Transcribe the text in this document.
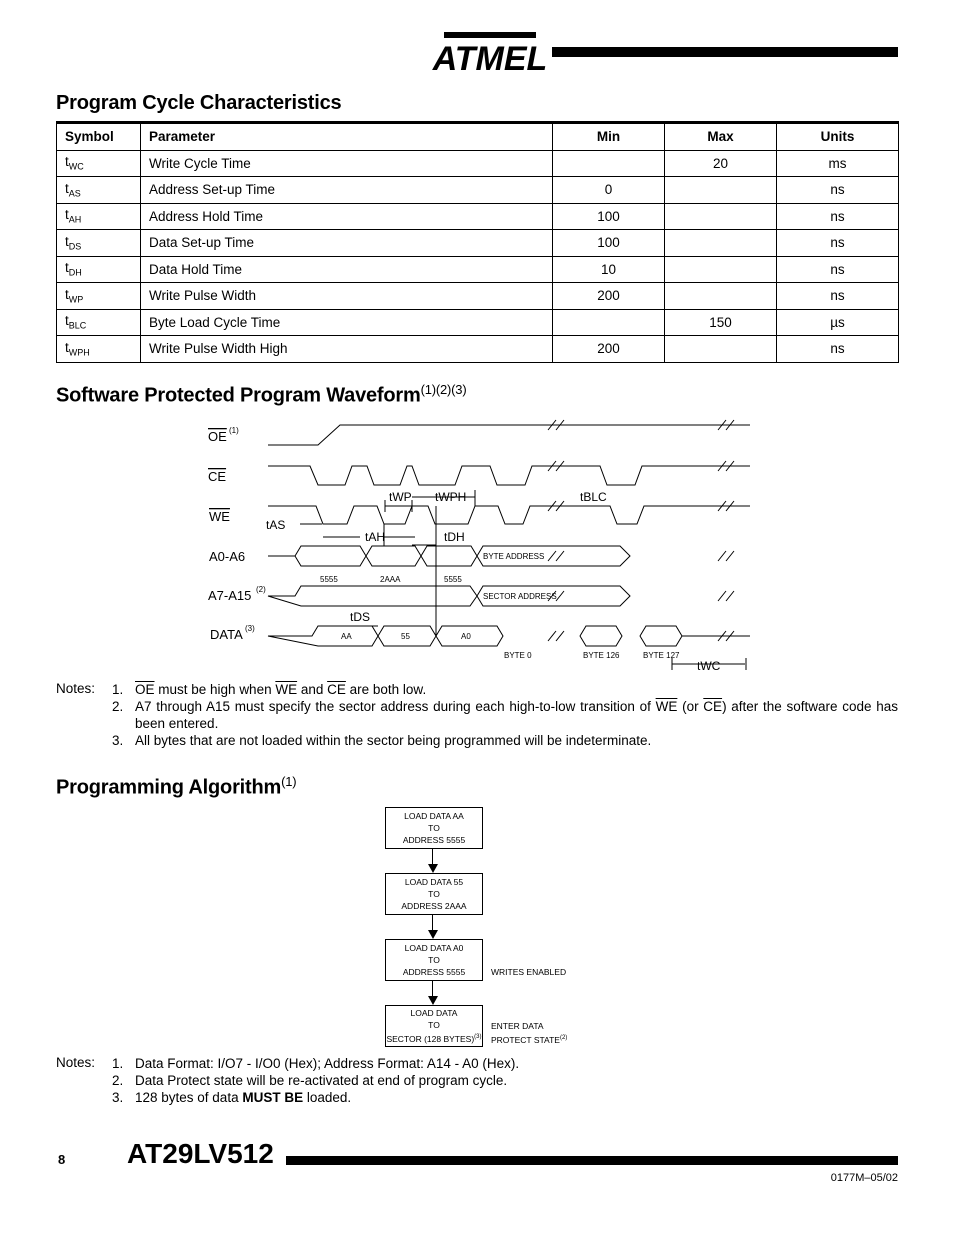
ATMEL
Program Cycle Characteristics
Symbol	Parameter	Min	Max	Units
$t_{WC}$	Write Cycle Time		20	ms
$t_{AS}$	Address Set-up Time	0		ns
$t_{AH}$	Address Hold Time	100		ns
$t_{DS}$	Data Set-up Time	100		ns
$t_{DH}$	Data Hold Time	10		ns
$t_{WP}$	Write Pulse Width	200		ns
$t_{BLC}$	Byte Load Cycle Time		150	µs
$t_{WPH}$	Write Pulse Width High	200		ns
Software Protected Program Waveform$^{(1)(2)(3)}$
OE (1)
CE
WE
A0-A6
A7-A15 (2)
DATA (3)
tWP tWPH	tBLC
tAS
tAH	tDH
tDS
tWC
5555	2AAA	5555
BYTE ADDRESS
SECTOR ADDRESS
AA	55	A0
BYTE 0	BYTE 126	BYTE 127
Notes: 1. $\overline{OE}$ must be high when $\overline{WE}$ and $\overline{CE}$ are both low.
2. A7 through A15 must specify the sector address during each high-to-low transition of $\overline{WE}$ (or $\overline{CE}$) after the software code has been entered.
3. All bytes that are not loaded within the sector being programmed will be indeterminate.
Programming Algorithm$^{(1)}$
LOAD DATA AA
TO
ADDRESS 5555
LOAD DATA 55
TO
ADDRESS 2AAA
LOAD DATA A0
TO
ADDRESS 5555	WRITES ENABLED
LOAD DATA
TO
SECTOR (128 BYTES)$^{(3)}$
ENTER DATA
PROTECT STATE$^{(2)}$
Notes: 1. Data Format: I/O7 - I/O0 (Hex); Address Format: A14 - A0 (Hex).
2. Data Protect state will be re-activated at end of program cycle.
3. 128 bytes of data MUST BE loaded.
8 AT29LV512
0177M–05/02
